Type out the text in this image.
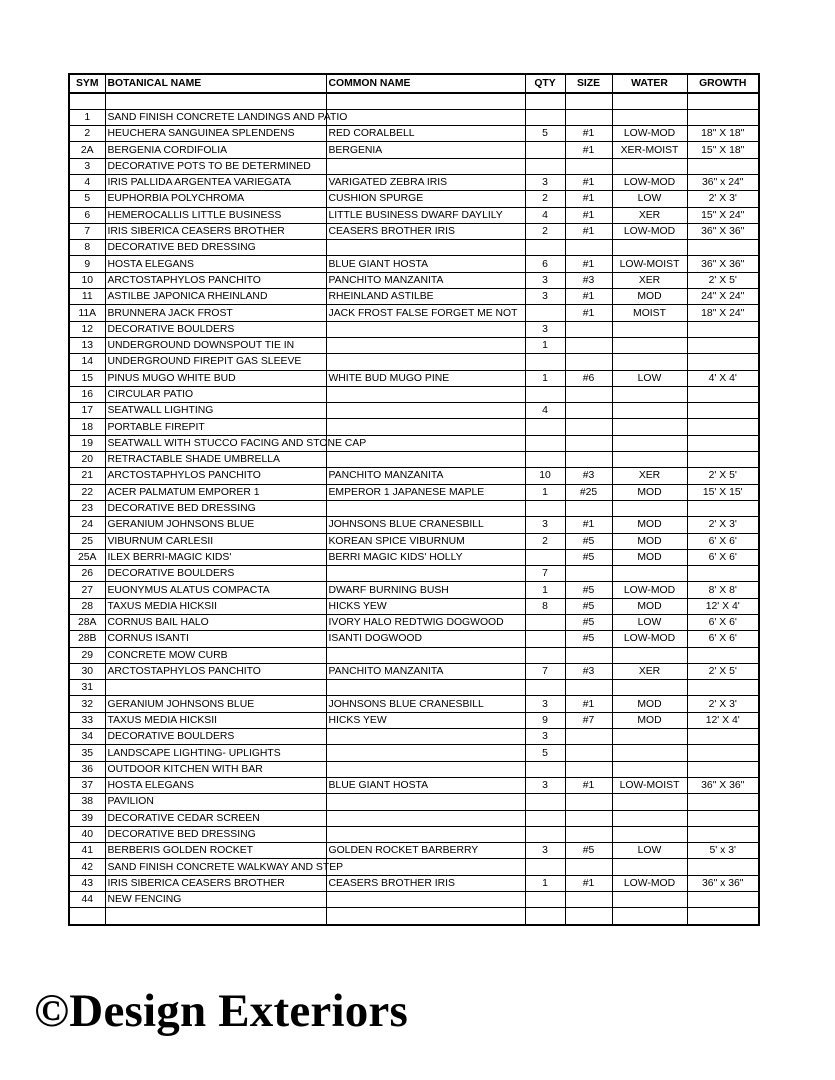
SYM	BOTANICAL NAME	COMMON NAME	QTY	SIZE	WATER	GROWTH

1	SAND FINISH CONCRETE LANDINGS AND PATIO					
2	HEUCHERA SANGUINEA SPLENDENS	RED CORALBELL	5	#1	LOW-MOD	18" X 18"
2A	BERGENIA CORDIFOLIA	BERGENIA		#1	XER-MOIST	15" X 18"
3	DECORATIVE POTS TO BE DETERMINED					
4	IRIS PALLIDA ARGENTEA VARIEGATA	VARIGATED ZEBRA IRIS	3	#1	LOW-MOD	36" x 24"
5	EUPHORBIA POLYCHROMA	CUSHION SPURGE	2	#1	LOW	2' X 3'
6	HEMEROCALLIS LITTLE BUSINESS	LITTLE BUSINESS DWARF DAYLILY	4	#1	XER	15" X 24"
7	IRIS SIBERICA CEASERS BROTHER	CEASERS BROTHER IRIS	2	#1	LOW-MOD	36" X 36"
8	DECORATIVE BED DRESSING					
9	HOSTA ELEGANS	BLUE GIANT HOSTA	6	#1	LOW-MOIST	36" X 36"
10	ARCTOSTAPHYLOS PANCHITO	PANCHITO MANZANITA	3	#3	XER	2' X 5'
11	ASTILBE JAPONICA RHEINLAND	RHEINLAND ASTILBE	3	#1	MOD	24" X 24"
11A	BRUNNERA JACK FROST	JACK FROST FALSE FORGET ME NOT		#1	MOIST	18" X 24"
12	DECORATIVE BOULDERS		3			
13	UNDERGROUND DOWNSPOUT TIE IN		1			
14	UNDERGROUND FIREPIT GAS SLEEVE					
15	PINUS MUGO WHITE BUD	WHITE BUD MUGO PINE	1	#6	LOW	4' X 4'
16	CIRCULAR PATIO					
17	SEATWALL LIGHTING		4			
18	PORTABLE FIREPIT					
19	SEATWALL WITH STUCCO FACING AND STONE CAP					
20	RETRACTABLE SHADE UMBRELLA					
21	ARCTOSTAPHYLOS PANCHITO	PANCHITO MANZANITA	10	#3	XER	2' X 5'
22	ACER PALMATUM EMPORER 1	EMPEROR 1 JAPANESE MAPLE	1	#25	MOD	15' X 15'
23	DECORATIVE BED DRESSING					
24	GERANIUM JOHNSONS BLUE	JOHNSONS BLUE CRANESBILL	3	#1	MOD	2' X 3'
25	VIBURNUM CARLESII	KOREAN SPICE VIBURNUM	2	#5	MOD	6' X 6'
25A	ILEX BERRI-MAGIC KIDS'	BERRI MAGIC KIDS' HOLLY		#5	MOD	6' X 6'
26	DECORATIVE BOULDERS		7			
27	EUONYMUS ALATUS COMPACTA	DWARF BURNING BUSH	1	#5	LOW-MOD	8' X 8'
28	TAXUS MEDIA HICKSII	HICKS YEW	8	#5	MOD	12' X 4'
28A	CORNUS BAIL HALO	IVORY HALO REDTWIG DOGWOOD		#5	LOW	6' X 6'
28B	CORNUS ISANTI	ISANTI DOGWOOD		#5	LOW-MOD	6' X 6'
29	CONCRETE MOW CURB					
30	ARCTOSTAPHYLOS PANCHITO	PANCHITO MANZANITA	7	#3	XER	2' X 5'
31						
32	GERANIUM JOHNSONS BLUE	JOHNSONS BLUE CRANESBILL	3	#1	MOD	2' X 3'
33	TAXUS MEDIA HICKSII	HICKS YEW	9	#7	MOD	12' X 4'
34	DECORATIVE BOULDERS		3			
35	LANDSCAPE LIGHTING- UPLIGHTS		5			
36	OUTDOOR KITCHEN WITH BAR					
37	HOSTA ELEGANS	BLUE GIANT HOSTA	3	#1	LOW-MOIST	36" X 36"
38	PAVILION					
39	DECORATIVE CEDAR SCREEN					
40	DECORATIVE BED DRESSING					
41	BERBERIS GOLDEN ROCKET	GOLDEN ROCKET BARBERRY	3	#5	LOW	5' x 3'
42	SAND FINISH CONCRETE WALKWAY AND STEP					
43	IRIS SIBERICA CEASERS BROTHER	CEASERS BROTHER IRIS	1	#1	LOW-MOD	36" x 36"
44	NEW FENCING					

©Design Exteriors
